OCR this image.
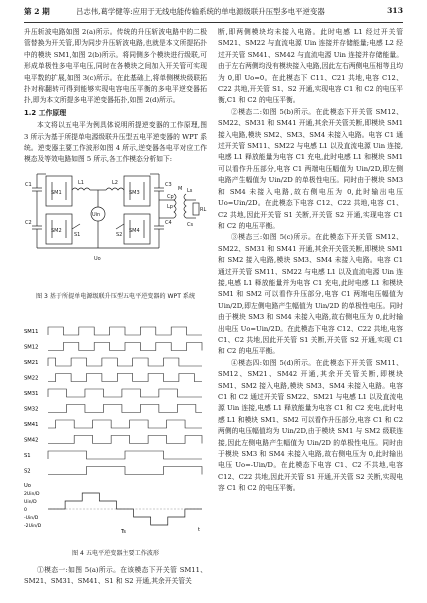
第 2 期	吕志伟,葛学健等:应用于无线电能传输系统的单电源级联升压型多电平逆变器	313

升压斩波电路如图 2(a)所示。传统的升压斩波电路中的二极管替换为开关管,即为同步升压斩波电路,也就是本文所提拓扑中的模块 SM1,如图 2(b)所示。将同侧多个模块进行级联,可形成单极性多电平电压,同时在各模块之间加入开关管可实现电平数的扩展,如图 3(c)所示。在此基础上,将单侧模块级联拓扑对称翻转可得到能够实现电容电压平衡的多电平逆变器拓扑,即为本文所提多电平逆变器拓扑,如图 2(d)所示。

1.2 工作原理

本文将以五电平为例具体说明所提逆变器的工作原理,图 3 所示为基于所提单电源级联升压型五电平逆变器的 WPT 系统。逆变器主要工作波形如图 4 所示,逆变器各电平对应工作模态及等效电路如图 5 所示,各工作模态分析如下:

SM1
SM2
SM3
SM4
L1	L2
Uin
C1
C2
C3
C4
S1	S2
Lp
Ls
Cp
Cs
RL
M
Uo
图 3 基于所提单电源级联升压型五电平逆变器的 WPT 系统
SM11
SM12
SM21
SM22
SM31
SM32
SM41
SM42
S1
S2
2Uin/D
Uin/D
0
-Uin/D
-2Uin/D
Uo
t
Ts
图 4 五电平逆变器主要工作波形

断,即两侧模块均未接入电路。此时电感 L1 经过开关管 SM21、SM22 与直流电源 Uin 连接并存储能量;电感 L2 经过开关管 SM41、SM42 与直流电源 Uin 连接并存储能量。由于左右两侧均没有模块接入电路,因此左右两侧电压相等且均为 0,即 Uo=0。在此模态下 C11、C21 共地,电容 C12、C22 共地,开关管 S1、S2 开通,实现电容 C1 和 C2 的电压平衡,C1 和 C2 的电压平衡。

②模态二:如图 5(b)所示。在此模态下开关管 SM12、SM22、SM31 和 SM41 开通,其余开关管关断,即模块 SM1 接入电路,模块 SM2、SM3、SM4 未接入电路。电容 C1 通过开关管 SM11、SM22 与电感 L1 以及直流电源 Uin 连接,电感 L1 释放能量为电容 C1 充电,此时电感 L1 和模块 SM1 可以看作升压部分,电容 C1 两端电压幅值为 Uin/2D,即左侧电路产生幅值为 Uin/2D 的单极性电压。同时由于模块 SM3 和 SM4 未接入电路,故右侧电压为 0,此时输出电压 Uo=Uin/2D。在此模态下电容 C12、C22 共地,电容 C1、C2 共地,因此开关管 S1 关断,开关管 S2 开通,实现电容 C1 和 C2 的电压平衡。

③模态三:如图 5(c)所示。在此模态下开关管 SM12、SM22、SM31 和 SM41 开通,其余开关管关断,即模块 SM1 和 SM2 接入电路,模块 SM3、SM4 未接入电路。电容 C1 通过开关管 SM11、SM22 与电感 L1 以及直流电源 Uin 连接,电感 L1 释放能量并为电容 C1 充电,此时电感 L1 和模块 SM1 和 SM2 可以看作升压部分,电容 C1 两端电压幅值为 Uin/2D,即左侧电路产生幅值为 Uin/2D 的单极性电压。同时由于模块 SM3 和 SM4 未接入电路,故右侧电压为 0,此时输出电压 Uo=Uin/2D。在此模态下电容 C12、C22 共地,电容 C1、C2 共地,因此开关管 S1 关断,开关管 S2 开通,实现 C1 和 C2 的电压平衡。

④模态四:如图 5(d)所示。在此模态下开关管 SM11、SM12、SM21、SM42 开通,其余开关管关断,即模块 SM1、SM2 接入电路,模块 SM3、SM4 未接入电路。电容 C1 和 C2 通过开关管 SM22、SM21 与电感 L1 以及直流电源 Uin 连接,电感 L1 释放能量为电容 C1 和 C2 充电,此时电感 L1 和模块 SM1、SM2 可以看作升压部分,电容 C1 和 C2 两侧的电压幅值均为 Uin/2D,由于模块 SM1 与 SM2 级联连接,因此左侧电路产生幅值为 Uin/2D 的单极性电压。同时由于模块 SM3 和 SM4 未接入电路,故右侧电压为 0,此时输出电压 Uo=-Uin/D。在此模态下电容 C1、C2 不共地,电容 C12、C22 共地,因此开关管 S1 开通,开关管 S2 关断,实现电容 C1 和 C2 的电压平衡。

①模态一:如图 5(a)所示。在该模态下开关管 SM11、SM21、SM31、SM41、S1 和 S2 开通,其余开关管关
